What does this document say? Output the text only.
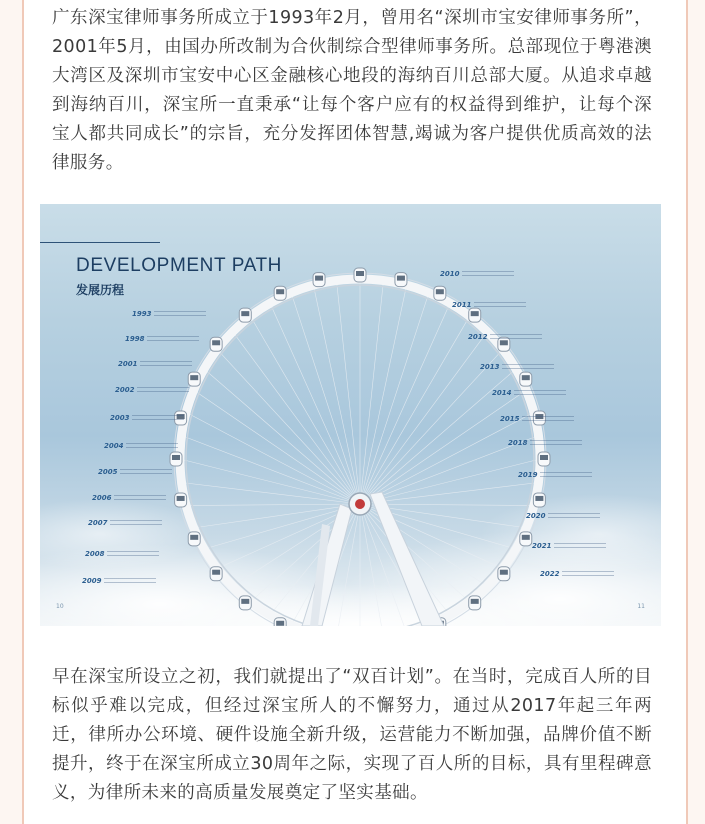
广东深宝律师事务所成立于1993年2月，曾用名“深圳市宝安律师事务所”，2001年5月，由国办所改制为合伙制综合型律师事务所。总部现位于粤港澳大湾区及深圳市宝安中心区金融核心地段的海纳百川总部大厦。从追求卓越到海纳百川，深宝所一直秉承“让每个客户应有的权益得到维护，让每个深宝人都共同成长”的宗旨，充分发挥团体智慧,竭诚为客户提供优质高效的法律服务。

DEVELOPMENT PATH
发展历程
1993
1998
2001
2002
2003
2004
2005
2006
2007
2008
2009
2010
2011
2012
2013
2014
2015
2018
2019
2020
2021
2022
10	11

早在深宝所设立之初，我们就提出了“双百计划”。在当时，完成百人所的目标似乎难以完成，但经过深宝所人的不懈努力，通过从2017年起三年两迁，律所办公环境、硬件设施全新升级，运营能力不断加强，品牌价值不断提升，终于在深宝所成立30周年之际，实现了百人所的目标，具有里程碑意义，为律所未来的高质量发展奠定了坚实基础。
